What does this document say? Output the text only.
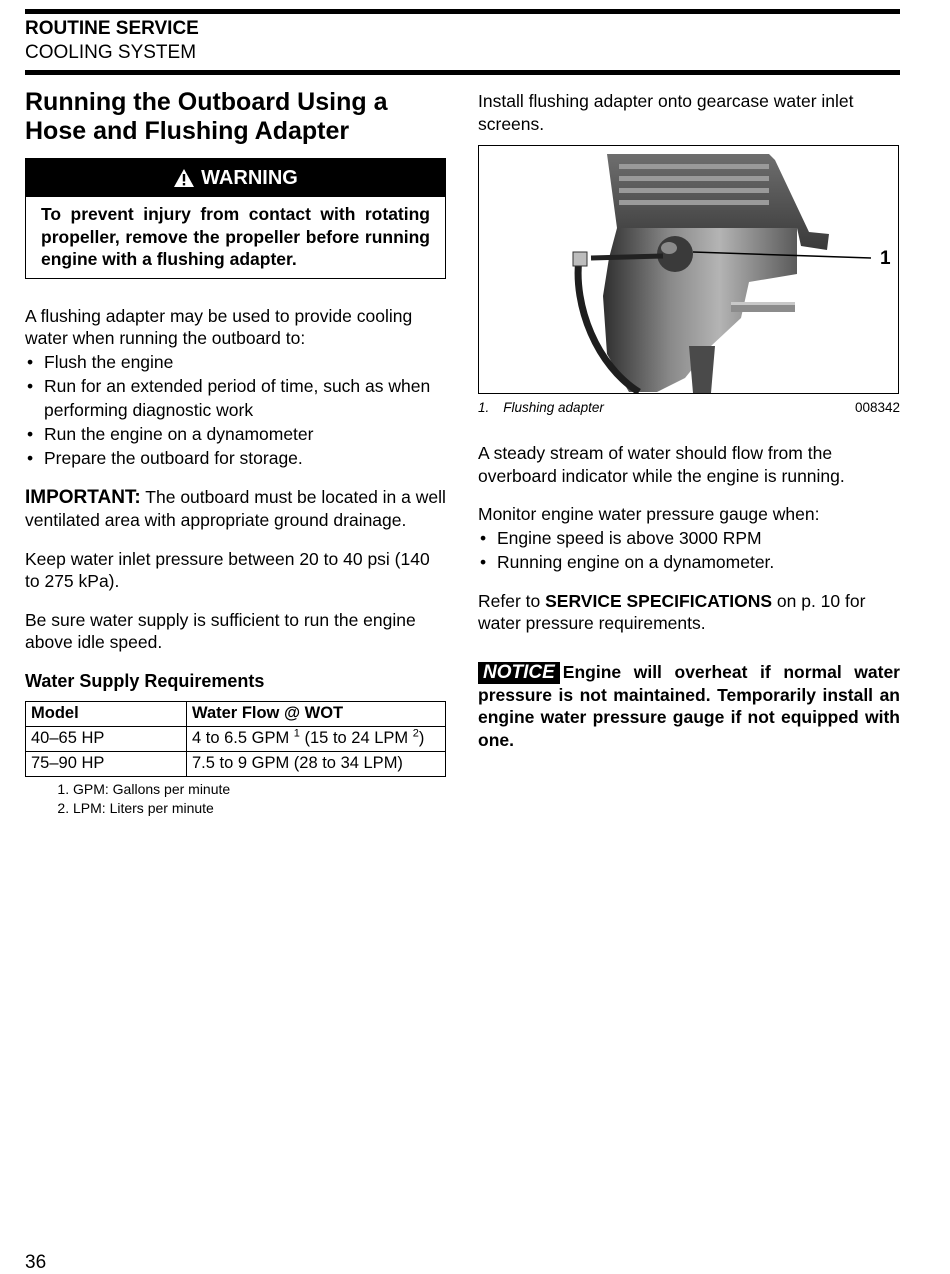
ROUTINE SERVICE
COOLING SYSTEM
Running the Outboard Using a Hose and Flushing Adapter
WARNING
To prevent injury from contact with rotating propeller, remove the propeller before running engine with a flushing adapter.

A flushing adapter may be used to provide cooling water when running the outboard to:

• Flush the engine
• Run for an extended period of time, such as when performing diagnostic work
• Run the engine on a dynamometer
• Prepare the outboard for storage.

IMPORTANT: The outboard must be located in a well ventilated area with appropriate ground drainage.

Keep water inlet pressure between 20 to 40 psi (140 to 275 kPa).

Be sure water supply is sufficient to run the engine above idle speed.

Water Supply Requirements
Model	Water Flow @ WOT
40–65 HP	4 to 6.5 GPM $^1$ (15 to 24 LPM $^2$)
75–90 HP	7.5 to 9 GPM (28 to 34 LPM)
1. GPM: Gallons per minute
2. LPM: Liters per minute

Install flushing adapter onto gearcase water inlet screens.

1
1. Flushing adapter	008342

A steady stream of water should flow from the overboard indicator while the engine is running.

Monitor engine water pressure gauge when:

• Engine speed is above 3000 RPM
• Running engine on a dynamometer.

Refer to SERVICE SPECIFICATIONS on p. 10 for water pressure requirements.

NOTICE Engine will overheat if normal water pressure is not maintained. Temporarily install an engine water pressure gauge if not equipped with one.

36
